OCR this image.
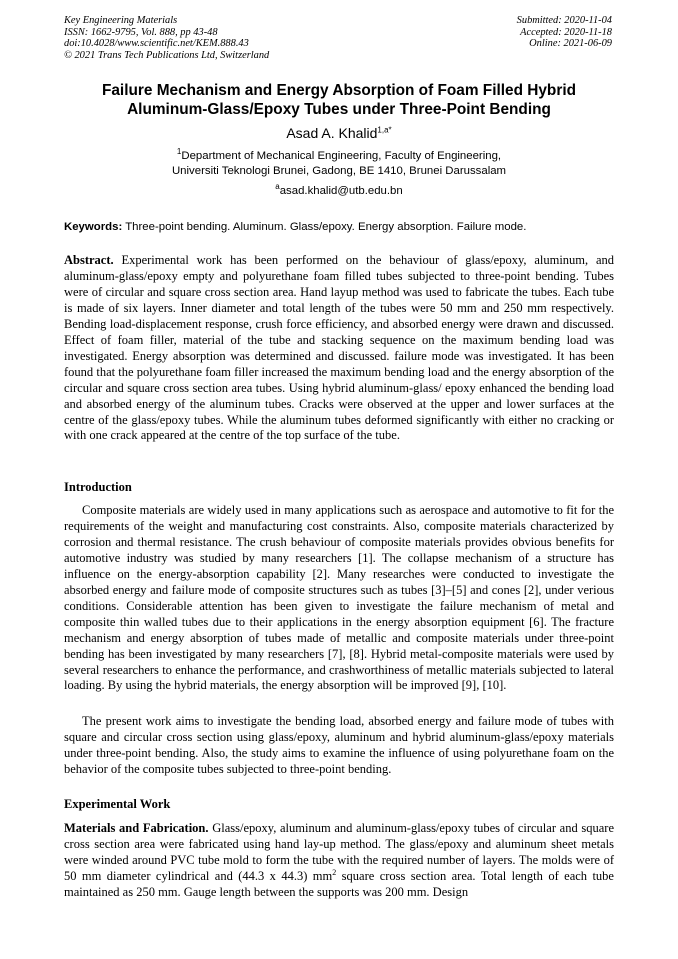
Key Engineering Materials
ISSN: 1662-9795, Vol. 888, pp 43-48
doi:10.4028/www.scientific.net/KEM.888.43
© 2021 Trans Tech Publications Ltd, Switzerland
Submitted: 2020-11-04
Accepted: 2020-11-18
Online: 2021-06-09
Failure Mechanism and Energy Absorption of Foam Filled Hybrid
Aluminum-Glass/Epoxy Tubes under Three-Point Bending
Asad A. Khalid$^{1,a*}$
$^1$Department of Mechanical Engineering, Faculty of Engineering,
Universiti Teknologi Brunei, Gadong, BE 1410, Brunei Darussalam
$^a$asad.khalid@utb.edu.bn
Keywords: Three-point bending. Aluminum. Glass/epoxy. Energy absorption. Failure mode.
Abstract. Experimental work has been performed on the behaviour of glass/epoxy, aluminum, and aluminum-glass/epoxy empty and polyurethane foam filled tubes subjected to three-point bending. Tubes were of circular and square cross section area. Hand layup method was used to fabricate the tubes. Each tube is made of six layers. Inner diameter and total length of the tubes were 50 mm and 250 mm respectively. Bending load-displacement response, crush force efficiency, and absorbed energy were drawn and discussed. Effect of foam filler, material of the tube and stacking sequence on the maximum bending load was investigated. Energy absorption was determined and discussed. failure mode was investigated. It has been found that the polyurethane foam filler increased the maximum bending load and the energy absorption of the circular and square cross section area tubes. Using hybrid aluminum-glass/ epoxy enhanced the bending load and absorbed energy of the aluminum tubes. Cracks were observed at the upper and lower surfaces at the centre of the glass/epoxy tubes. While the aluminum tubes deformed significantly with either no cracking or with one crack appeared at the centre of the top surface of the tube.
Introduction
Composite materials are widely used in many applications such as aerospace and automotive to fit for the requirements of the weight and manufacturing cost constraints. Also, composite materials characterized by corrosion and thermal resistance. The crush behaviour of composite materials provides obvious benefits for automotive industry was studied by many researchers [1]. The collapse mechanism of a structure has influence on the energy-absorption capability [2]. Many researches were conducted to investigate the absorbed energy and failure mode of composite structures such as tubes [3]–[5] and cones [2], under verious conditions. Considerable attention has been given to investigate the failure mechanism of metal and composite thin walled tubes due to their applications in the energy absorption equipment [6]. The fracture mechanism and energy absorption of tubes made of metallic and composite materials under three-point bending has been investigated by many researchers [7], [8]. Hybrid metal-composite materials were used by several researchers to enhance the performance, and crashworthiness of metallic materials subjected to lateral loading. By using the hybrid materials, the energy absorption will be improved [9], [10].
The present work aims to investigate the bending load, absorbed energy and failure mode of tubes with square and circular cross section using glass/epoxy, aluminum and hybrid aluminum-glass/epoxy materials under three-point bending. Also, the study aims to examine the influence of using polyurethane foam on the behavior of the composite tubes subjected to three-point bending.
Experimental Work
Materials and Fabrication. Glass/epoxy, aluminum and aluminum-glass/epoxy tubes of circular and square cross section area were fabricated using hand lay-up method. The glass/epoxy and aluminum sheet metals were winded around PVC tube mold to form the tube with the required number of layers. The molds were of 50 mm diameter cylindrical and (44.3 x 44.3) $mm^2$ square cross section area. Total length of each tube maintained as 250 mm. Gauge length between the supports was 200 mm. Design
